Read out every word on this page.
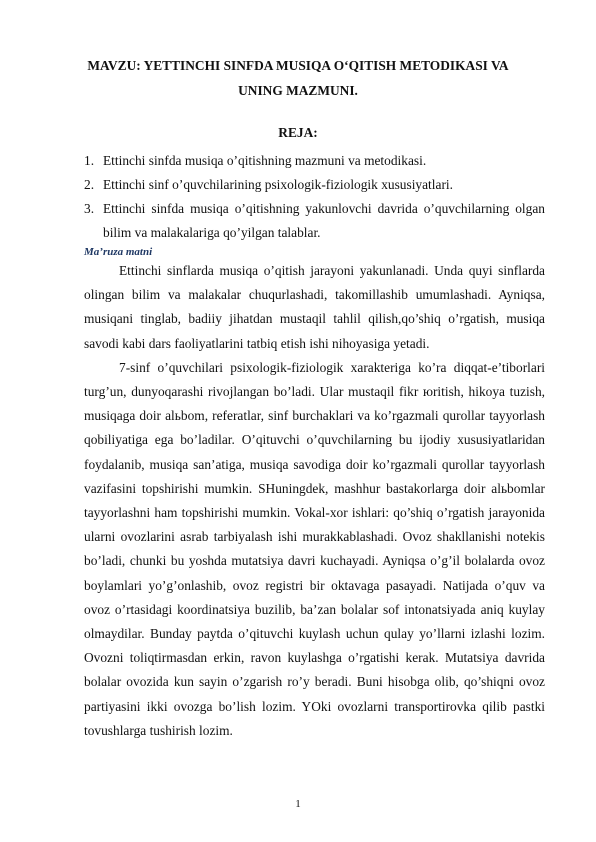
MAVZU: YETTINCHI SINFDA MUSIQA O‘QITISH METODIKASI VA UNING MAZMUNI.
REJA:
1. Ettinchi sinfda musiqa o’qitishning mazmuni va metodikasi.
2. Ettinchi sinf o’quvchilarining psixologik-fiziologik xususiyatlari.
3. Ettinchi sinfda musiqa o’qitishning yakunlovchi davrida o’quvchilarning olgan bilim va malakalariga qo’yilgan talablar.
Ma’ruza matni

Ettinchi sinflarda musiqa o’qitish jarayoni yakunlanadi. Unda quyi sinflarda olingan bilim va malakalar chuqurlashadi, takomillashib umumlashadi. Ayniqsa, musiqani tinglab, badiiy jihatdan mustaqil tahlil qilish,qo’shiq o’rgatish, musiqa savodi kabi dars faoliyatlarini tatbiq etish ishi nihoyasiga yetadi.

7-sinf o’quvchilari psixologik-fiziologik xarakteriga ko’ra diqqat-e’tiborlari turg’un, dunyoqarashi rivojlangan bo’ladi. Ular mustaqil fikr юritish, hikoya tuzish, musiqaga doir alьbom, referatlar, sinf burchaklari va ko’rgazmali qurollar tayyorlash qobiliyatiga ega bo’ladilar. O’qituvchi o’quvchilarning bu ijodiy xususiyatlaridan foydalanib, musiqa san’atiga, musiqa savodiga doir ko’rgazmali qurollar tayyorlash vazifasini topshirishi mumkin. SHuningdek, mashhur bastakorlarga doir alьbomlar tayyorlashni ham topshirishi mumkin. Vokal-xor ishlari: qo’shiq o’rgatish jarayonida ularni ovozlarini asrab tarbiyalash ishi murakkablashadi. Ovoz shakllanishi notekis bo’ladi, chunki bu yoshda mutatsiya davri kuchayadi. Ayniqsa o’g’il bolalarda ovoz boylamlari yo’g’onlashib, ovoz registri bir oktavaga pasayadi. Natijada o’quv va ovoz o’rtasidagi koordinatsiya buzilib, ba’zan bolalar sof intonatsiyada aniq kuylay olmaydilar. Bunday paytda o’qituvchi kuylash uchun qulay yo’llarni izlashi lozim. Ovozni toliqtirmasdan erkin, ravon kuylashga o’rgatishi kerak. Mutatsiya davrida bolalar ovozida kun sayin o’zgarish ro’y beradi. Buni hisobga olib, qo’shiqni ovoz partiyasini ikki ovozga bo’lish lozim. YOki ovozlarni transportirovka qilib pastki tovushlarga tushirish lozim.

1
